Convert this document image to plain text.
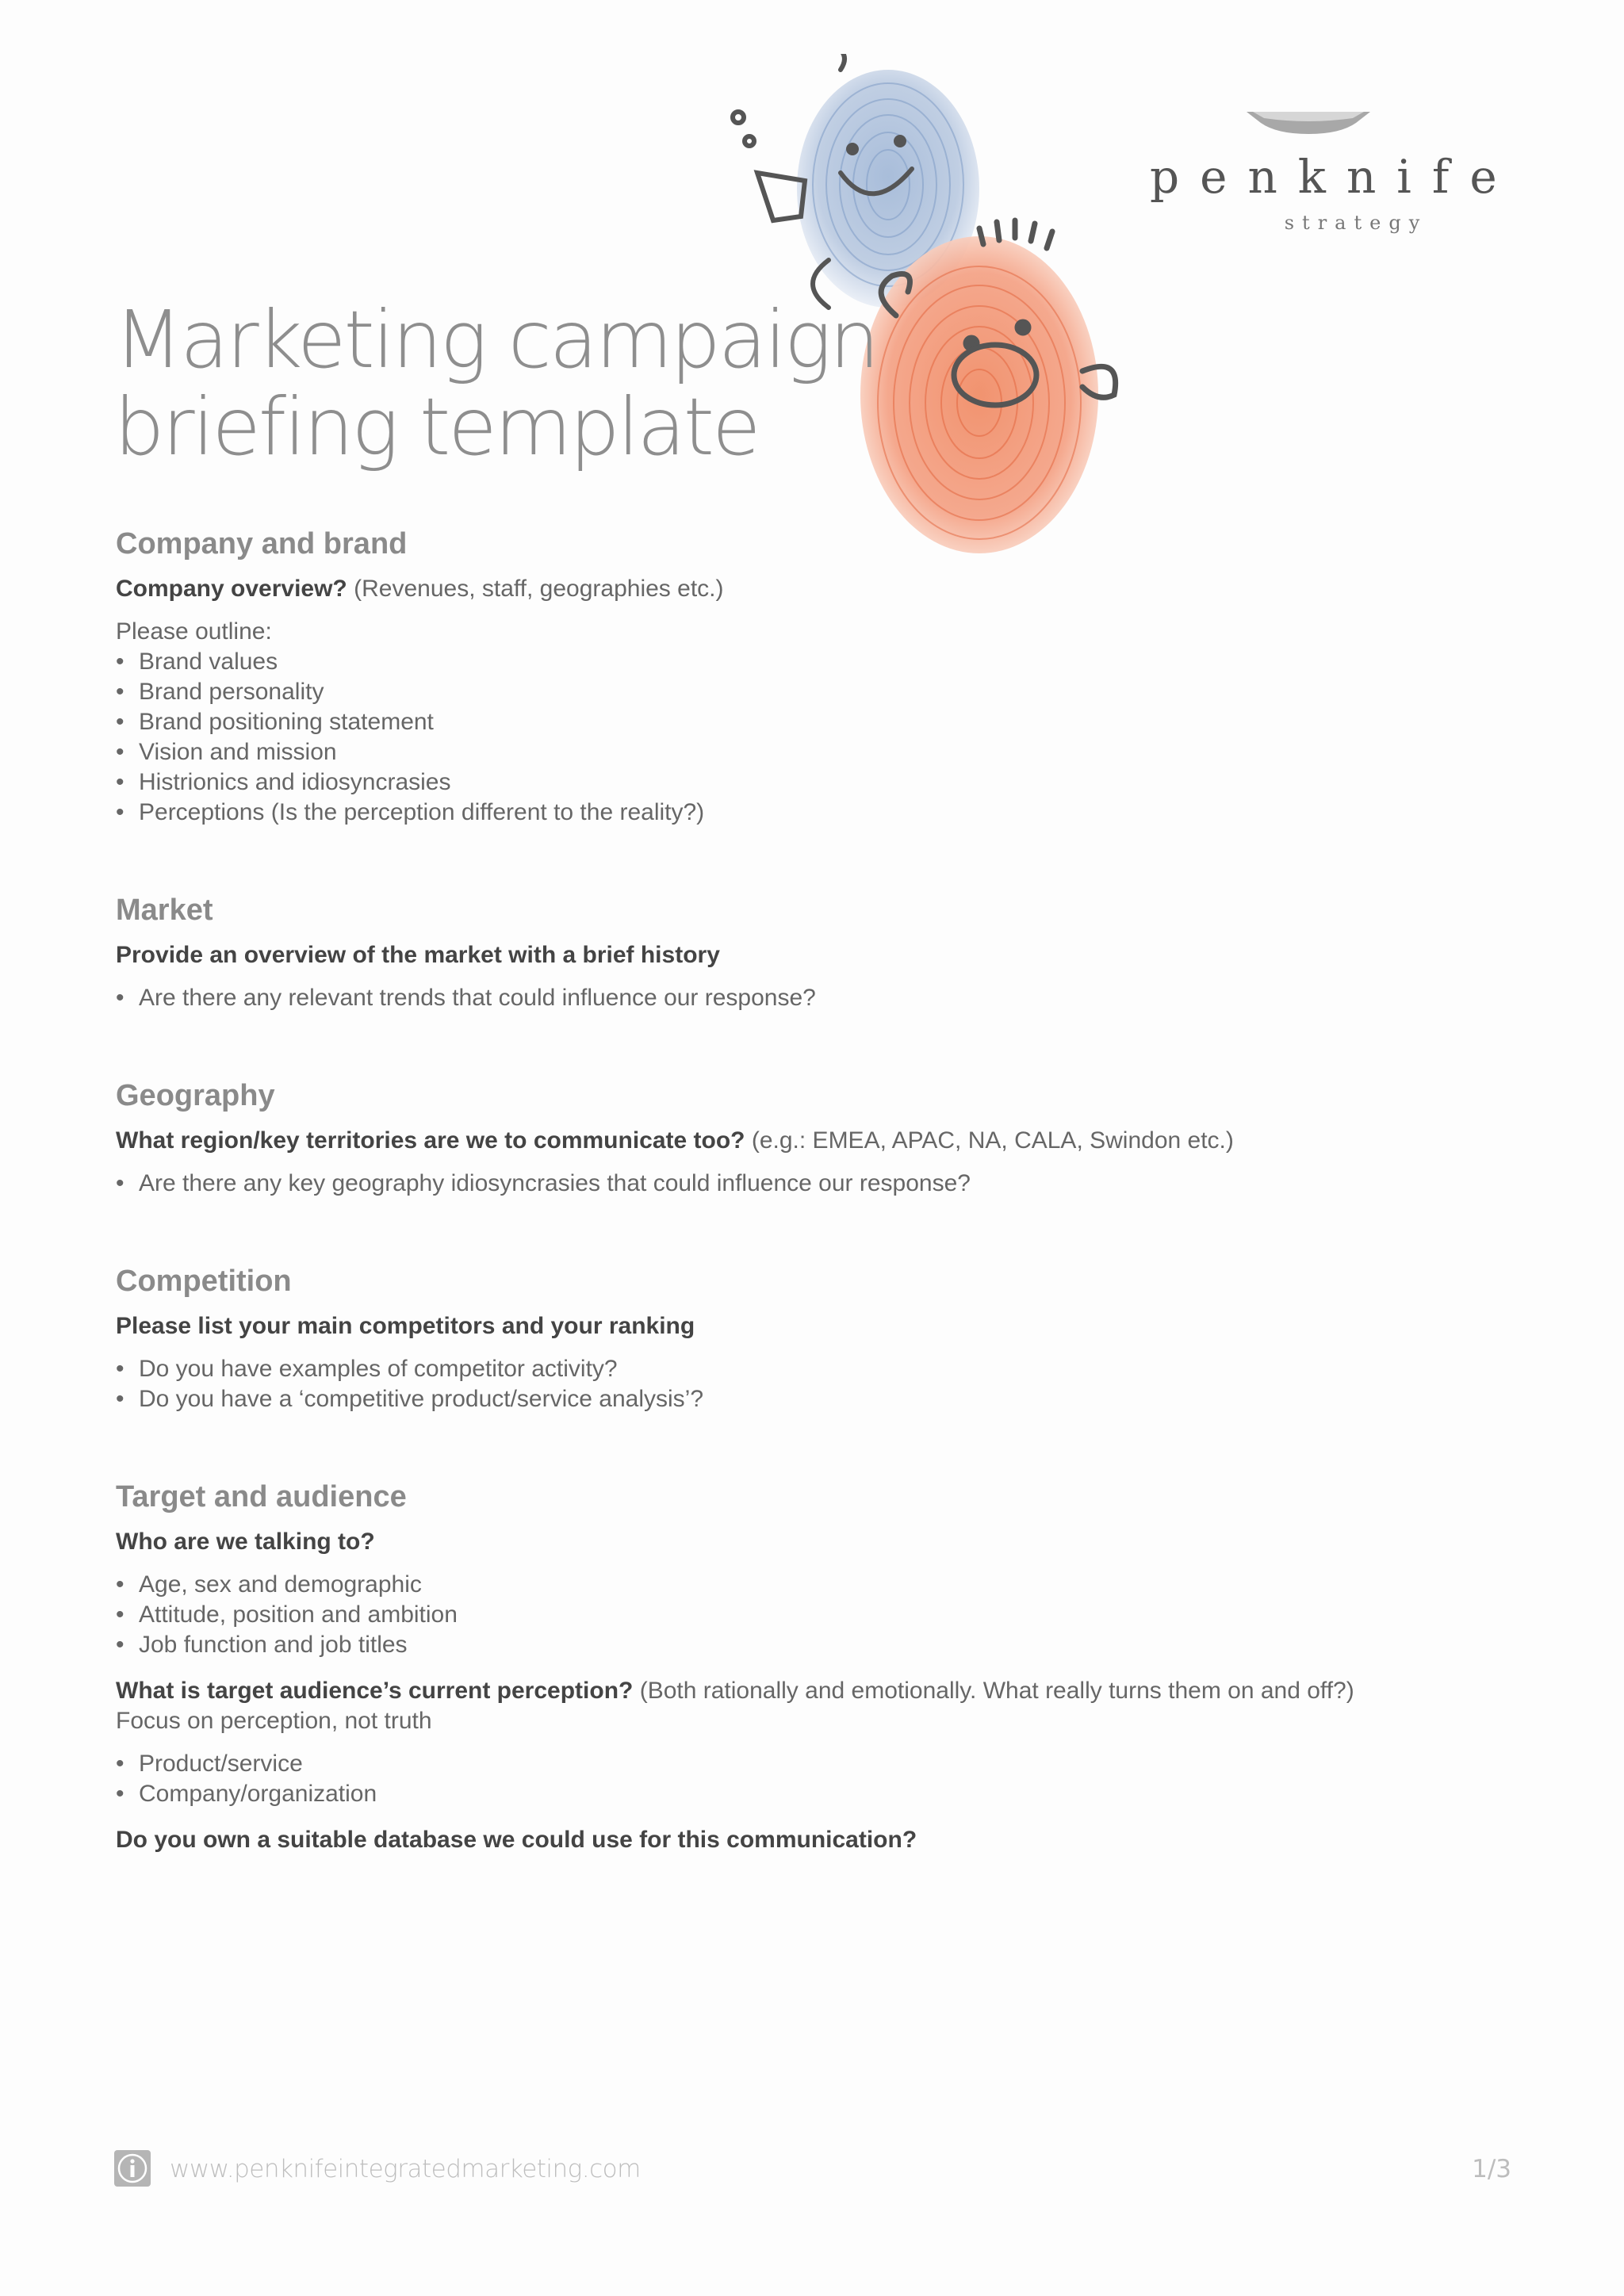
penknife
strategy
Marketing campaign
briefing template
Company and brand

Company overview? (Revenues, staff, geographies etc.)

Please outline:

• Brand values
• Brand personality
• Brand positioning statement
• Vision and mission
• Histrionics and idiosyncrasies
• Perceptions (Is the perception different to the reality?)
Market

Provide an overview of the market with a brief history

• Are there any relevant trends that could influence our response?
Geography

What region/key territories are we to communicate too? (e.g.: EMEA, APAC, NA, CALA, Swindon etc.)

• Are there any key geography idiosyncrasies that could influence our response?
Competition

Please list your main competitors and your ranking

• Do you have examples of competitor activity?
• Do you have a ‘competitive product/service analysis’?
Target and audience

Who are we talking to?

• Age, sex and demographic
• Attitude, position and ambition
• Job function and job titles

What is target audience’s current perception? (Both rationally and emotionally. What really turns them on and off?)

Focus on perception, not truth

• Product/service
• Company/organization

Do you own a suitable database we could use for this communication?

www.penknifeintegratedmarketing.com	1/3
